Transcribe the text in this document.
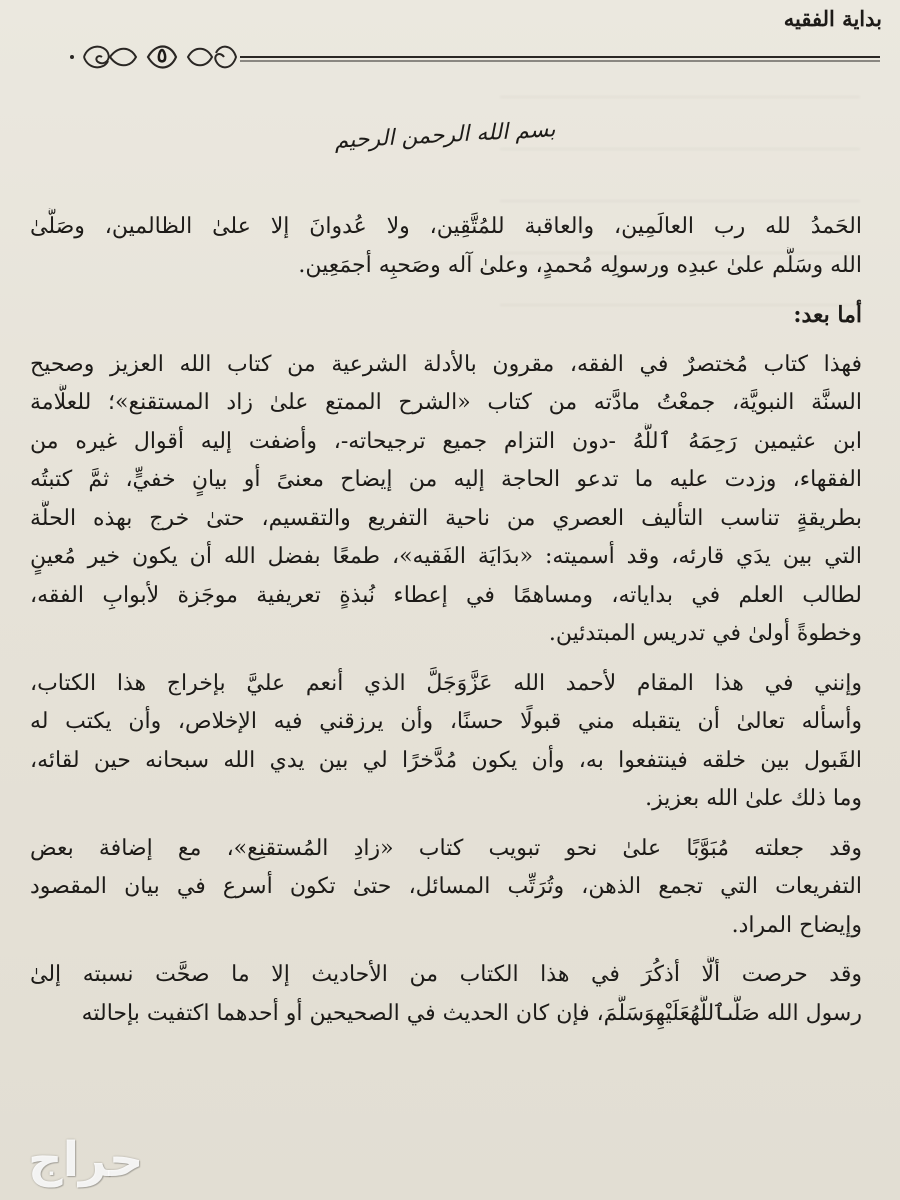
بداية الفقيه
٥
بسم الله الرحمن الرحيم
الحَمدُ لله رب العالَمِين، والعاقبة للمُتَّقِين، ولا عُدوانَ إلا علىٰ الظالمين، وصَلَّىٰ
الله وسَلَّم علىٰ عبدِه ورسولِه مُحمدٍ، وعلىٰ آله وصَحبِه أجمَعِين.
أما بعد:
فهذا كتاب مُختصرٌ في الفقه، مقرون بالأدلة الشرعية من كتاب الله العزيز وصحيح
السنَّة النبويَّة، جمعْتُ مادَّته من كتاب «الشرح الممتع علىٰ زاد المستقنع»؛ للعلَّامة
ابن عثيمين رَحِمَهُ ٱللَّهُ -دون التزام جميع ترجيحاته-، وأضفت إليه أقوال غيره من
الفقهاء، وزدت عليه ما تدعو الحاجة إليه من إيضاح معنىً أو بيانٍ خفيٍّ، ثمَّ كتبتُه
بطريقةٍ تناسب التأليف العصري من ناحية التفريع والتقسيم، حتىٰ خرج بهذه الحلَّة
التي بين يدَي قارئه، وقد أسميته: «بدَايَة الفَقيه»، طمعًا بفضل الله أن يكون خير مُعينٍ
لطالب العلم في بداياته، ومساهمًا في إعطاء نُبذةٍ تعريفية موجَزة لأبوابِ الفقه،
وخطوةً أولىٰ في تدريس المبتدئين.
وإنني في هذا المقام لأحمد الله عَزَّوَجَلَّ الذي أنعم عليَّ بإخراج هذا الكتاب،
وأسأله تعالىٰ أن يتقبله مني قبولًا حسنًا، وأن يرزقني فيه الإخلاص، وأن يكتب له
القَبول بين خلقه فينتفعوا به، وأن يكون مُدَّخرًا لي بين يدي الله سبحانه حين لقائه،
وما ذلك علىٰ الله بعزيز.
وقد جعلته مُبَوَّبًا علىٰ نحو تبويب كتاب «زادِ المُستقنِع»، مع إضافة بعض
التفريعات التي تجمع الذهن، وتُرَتِّب المسائل، حتىٰ تكون أسرع في بيان المقصود
وإيضاح المراد.
وقد حرصت ألَّا أذكُرَ في هذا الكتاب من الأحاديث إلا ما صحَّت نسبته إلىٰ
رسول الله صَلَّىٱللَّهُعَلَيْهِوَسَلَّمَ، فإن كان الحديث في الصحيحين أو أحدهما اكتفيت بإحالته
حراج
